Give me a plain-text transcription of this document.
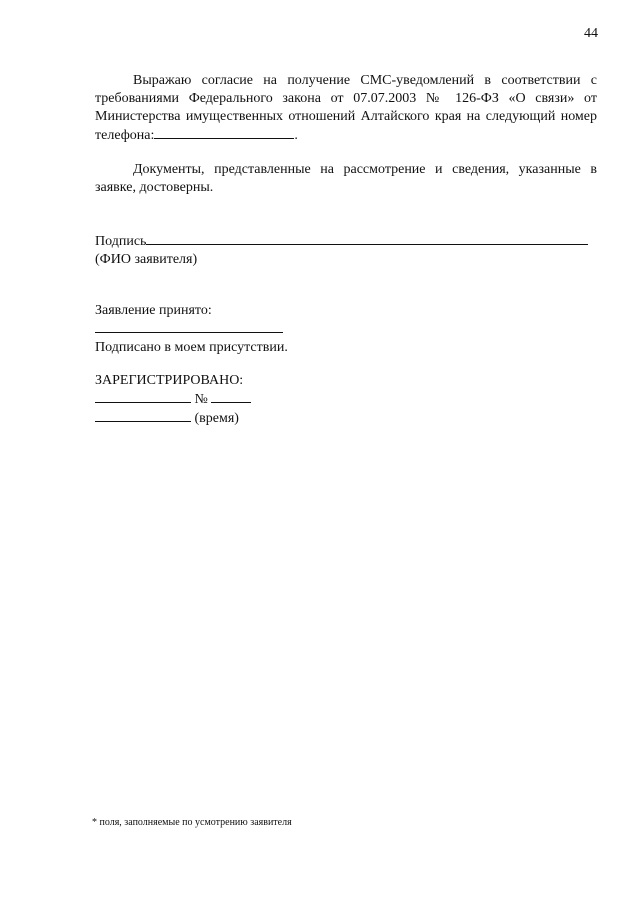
44
Выражаю согласие на получение СМС-уведомлений в соответствии с требованиями Федерального закона от 07.07.2003 № 126-ФЗ «О связи» от Министерства имущественных отношений Алтайского края на следующий номер телефона:	.
Документы, представленные на рассмотрение и сведения, указанные в заявке, достоверны.
Подпись
(ФИО заявителя)
Заявление принято:
Подписано в моем присутствии.
ЗАРЕГИСТРИРОВАНО:
№
(время)
* поля, заполняемые по усмотрению заявителя
